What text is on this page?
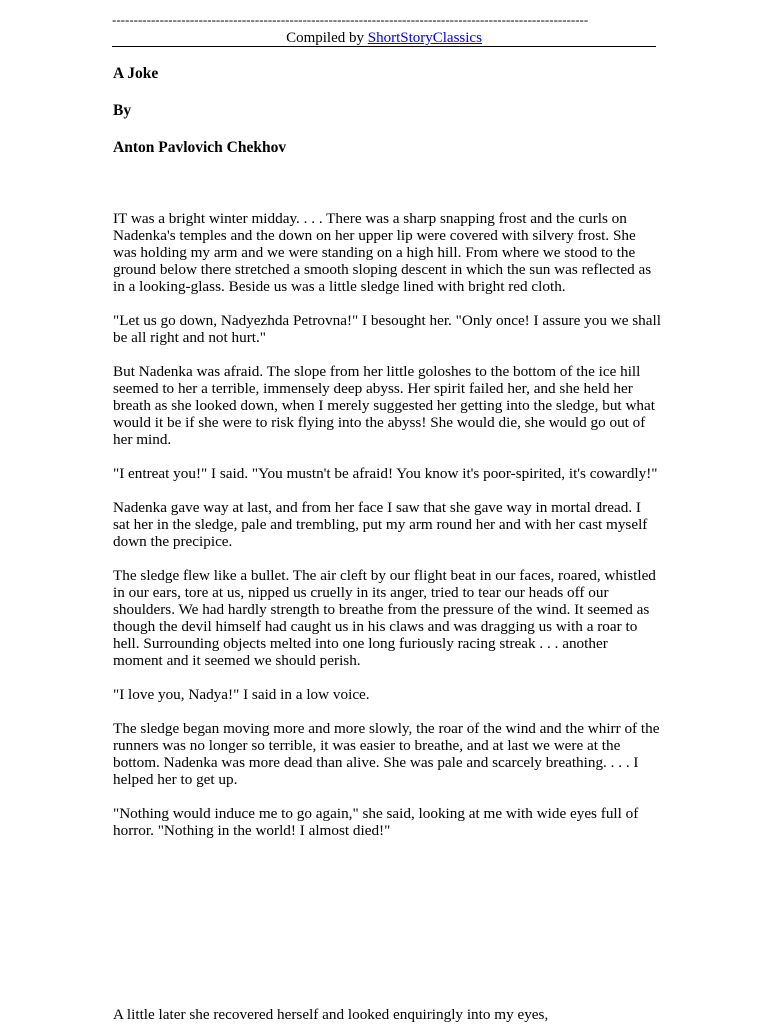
--------------------------------------------------------------------------------------------------------------
Compiled by ShortStoryClassics
A Joke
By
Anton Pavlovich Chekhov

IT was a bright winter midday. . . . There was a sharp snapping frost and the curls on Nadenka's temples and the down on her upper lip were covered with silvery frost. She was holding my arm and we were standing on a high hill. From where we stood to the ground below there stretched a smooth sloping descent in which the sun was reflected as in a looking-glass. Beside us was a little sledge lined with bright red cloth.

"Let us go down, Nadyezhda Petrovna!" I besought her. "Only once! I assure you we shall be all right and not hurt."

But Nadenka was afraid. The slope from her little goloshes to the bottom of the ice hill seemed to her a terrible, immensely deep abyss. Her spirit failed her, and she held her breath as she looked down, when I merely suggested her getting into the sledge, but what would it be if she were to risk flying into the abyss! She would die, she would go out of her mind.

"I entreat you!" I said. "You mustn't be afraid! You know it's poor-spirited, it's cowardly!"

Nadenka gave way at last, and from her face I saw that she gave way in mortal dread. I sat her in the sledge, pale and trembling, put my arm round her and with her cast myself down the precipice.

The sledge flew like a bullet. The air cleft by our flight beat in our faces, roared, whistled in our ears, tore at us, nipped us cruelly in its anger, tried to tear our heads off our shoulders. We had hardly strength to breathe from the pressure of the wind. It seemed as though the devil himself had caught us in his claws and was dragging us with a roar to hell. Surrounding objects melted into one long furiously racing streak . . . another moment and it seemed we should perish.

"I love you, Nadya!" I said in a low voice.

The sledge began moving more and more slowly, the roar of the wind and the whirr of the runners was no longer so terrible, it was easier to breathe, and at last we were at the bottom. Nadenka was more dead than alive. She was pale and scarcely breathing. . . . I helped her to get up.

"Nothing would induce me to go again," she said, looking at me with wide eyes full of horror. "Nothing in the world! I almost died!"

A little later she recovered herself and looked enquiringly into my eyes,
